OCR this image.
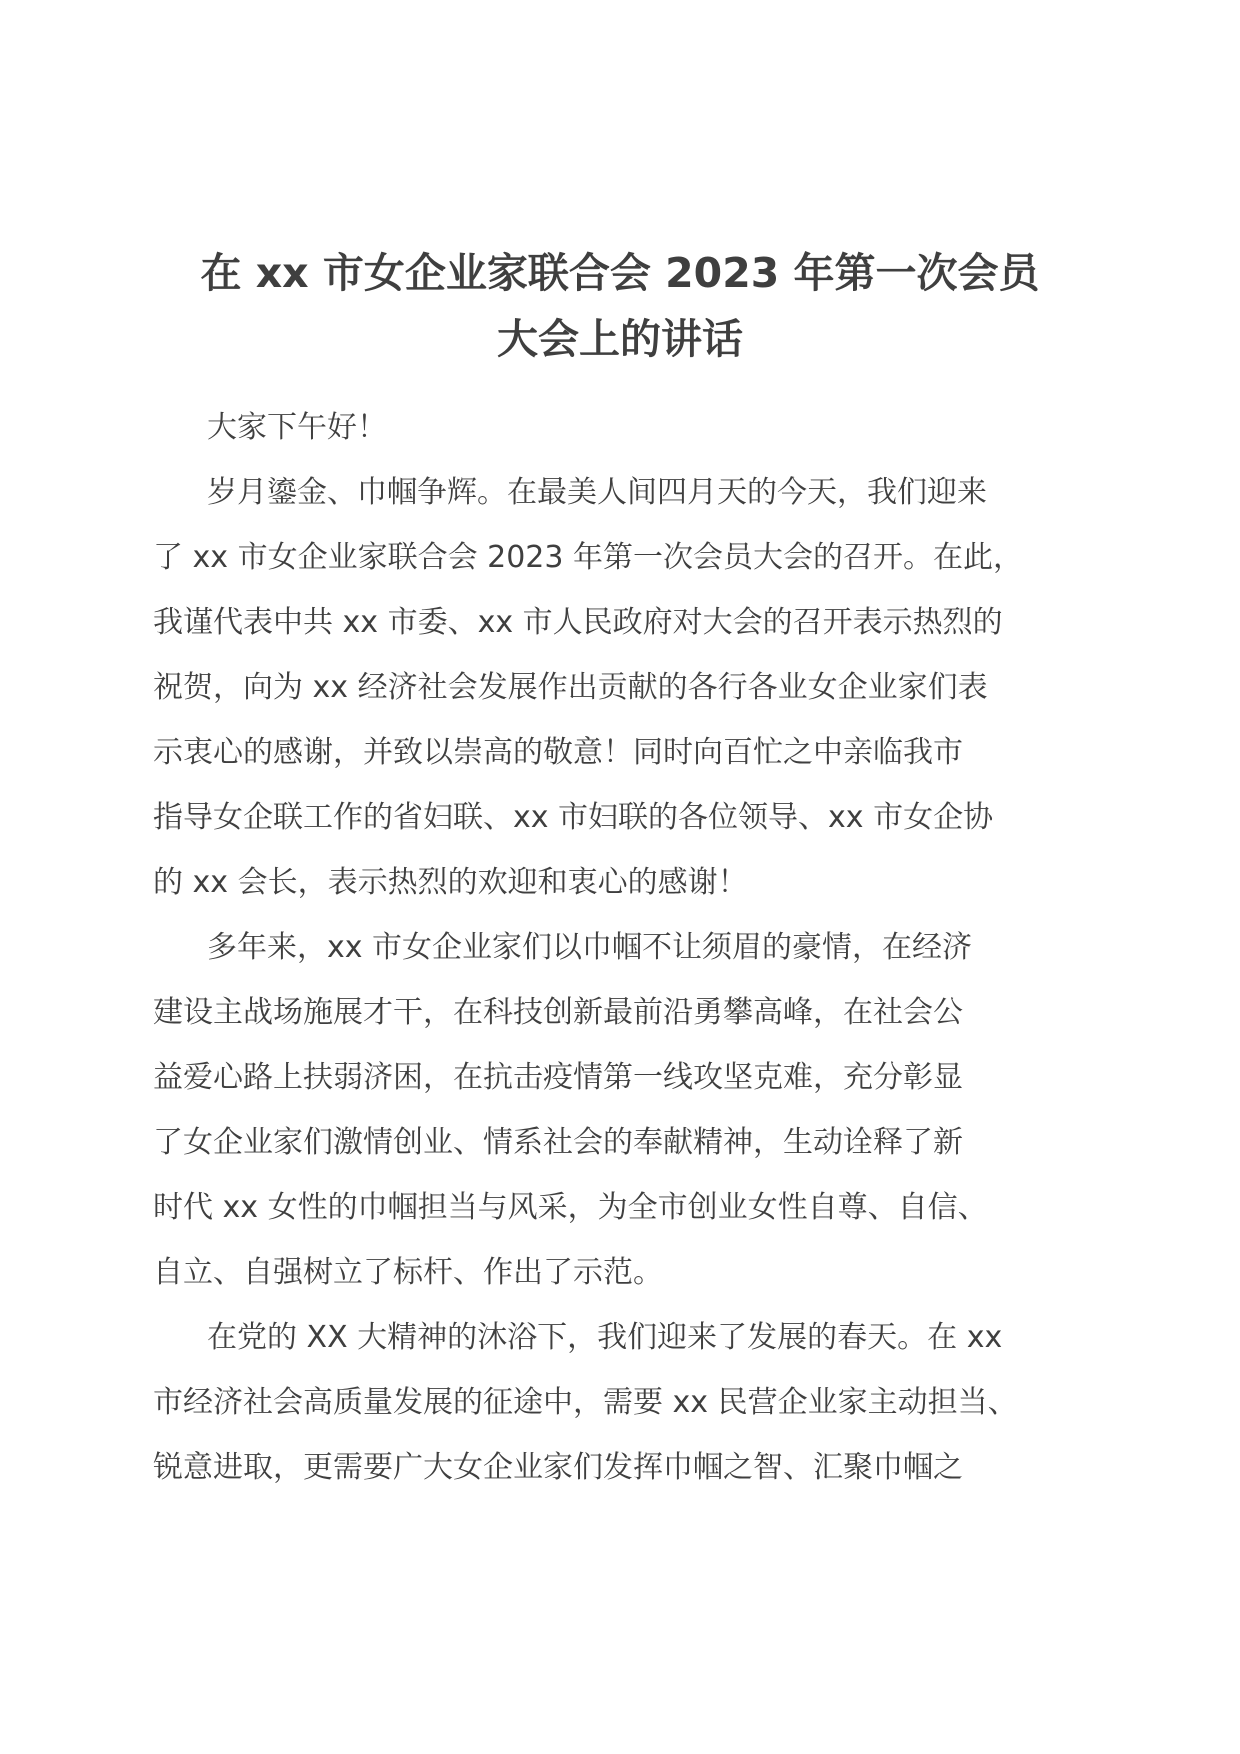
在 xx 市女企业家联合会 2023 年第一次会员
大会上的讲话
大家下午好！
岁月鎏金、巾帼争辉。在最美人间四月天的今天，我们迎来
了 xx 市女企业家联合会 2023 年第一次会员大会的召开。在此，
我谨代表中共 xx 市委、xx 市人民政府对大会的召开表示热烈的
祝贺，向为 xx 经济社会发展作出贡献的各行各业女企业家们表
示衷心的感谢，并致以崇高的敬意！同时向百忙之中亲临我市
指导女企联工作的省妇联、xx 市妇联的各位领导、xx 市女企协
的 xx 会长，表示热烈的欢迎和衷心的感谢！
多年来，xx 市女企业家们以巾帼不让须眉的豪情，在经济
建设主战场施展才干，在科技创新最前沿勇攀高峰，在社会公
益爱心路上扶弱济困，在抗击疫情第一线攻坚克难，充分彰显
了女企业家们激情创业、情系社会的奉献精神，生动诠释了新
时代 xx 女性的巾帼担当与风采，为全市创业女性自尊、自信、
自立、自强树立了标杆、作出了示范。
在党的 XX 大精神的沐浴下，我们迎来了发展的春天。在 xx
市经济社会高质量发展的征途中，需要 xx 民营企业家主动担当、
锐意进取，更需要广大女企业家们发挥巾帼之智、汇聚巾帼之
